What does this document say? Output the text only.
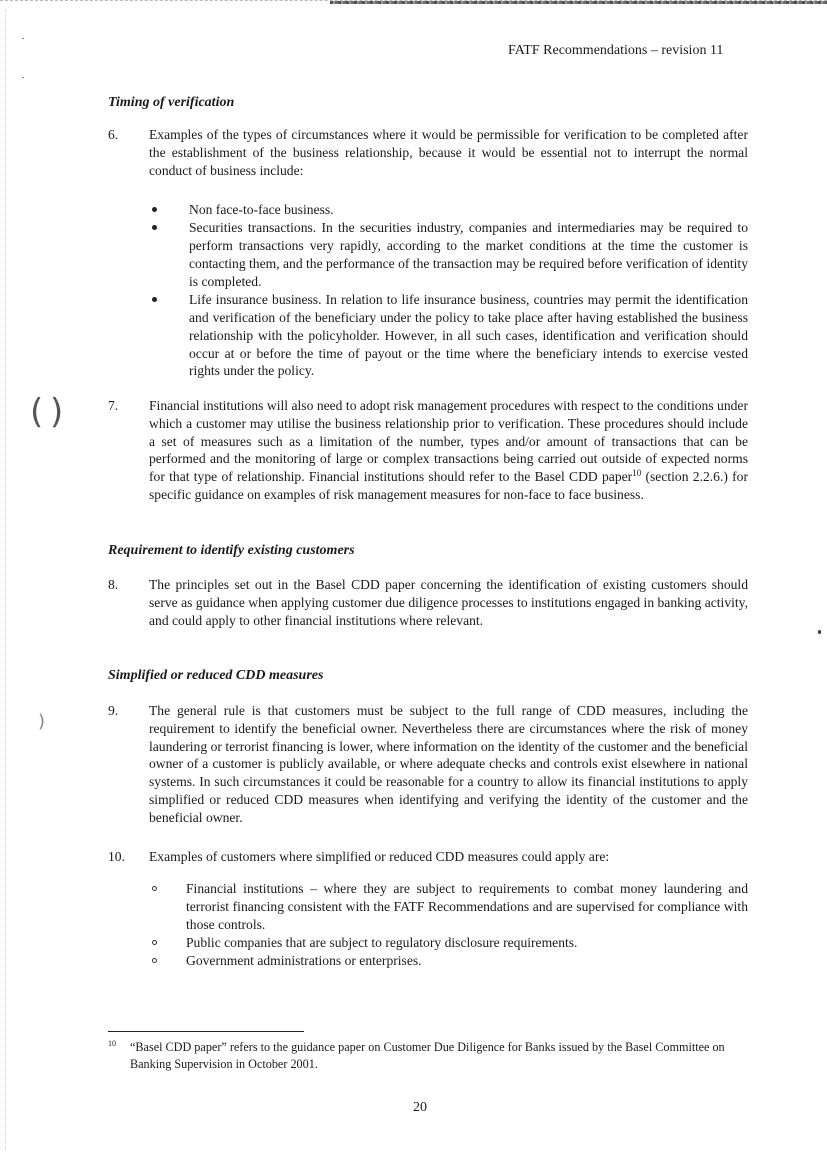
( )
)
FATF Recommendations – revision 11
Timing of verification
6. Examples of the types of circumstances where it would be permissible for verification to be completed after the establishment of the business relationship, because it would be essential not to interrupt the normal conduct of business include:
Non face-to-face business.
Securities transactions. In the securities industry, companies and intermediaries may be required to perform transactions very rapidly, according to the market conditions at the time the customer is contacting them, and the performance of the transaction may be required before verification of identity is completed.
Life insurance business. In relation to life insurance business, countries may permit the identification and verification of the beneficiary under the policy to take place after having established the business relationship with the policyholder. However, in all such cases, identification and verification should occur at or before the time of payout or the time where the beneficiary intends to exercise vested rights under the policy.
7. Financial institutions will also need to adopt risk management procedures with respect to the conditions under which a customer may utilise the business relationship prior to verification. These procedures should include a set of measures such as a limitation of the number, types and/or amount of transactions that can be performed and the monitoring of large or complex transactions being carried out outside of expected norms for that type of relationship. Financial institutions should refer to the Basel CDD paper$^{10}$ (section 2.2.6.) for specific guidance on examples of risk management measures for non-face to face business.
Requirement to identify existing customers
8. The principles set out in the Basel CDD paper concerning the identification of existing customers should serve as guidance when applying customer due diligence processes to institutions engaged in banking activity, and could apply to other financial institutions where relevant.
Simplified or reduced CDD measures
9. The general rule is that customers must be subject to the full range of CDD measures, including the requirement to identify the beneficial owner. Nevertheless there are circumstances where the risk of money laundering or terrorist financing is lower, where information on the identity of the customer and the beneficial owner of a customer is publicly available, or where adequate checks and controls exist elsewhere in national systems. In such circumstances it could be reasonable for a country to allow its financial institutions to apply simplified or reduced CDD measures when identifying and verifying the identity of the customer and the beneficial owner.
10. Examples of customers where simplified or reduced CDD measures could apply are:
Financial institutions – where they are subject to requirements to combat money laundering and terrorist financing consistent with the FATF Recommendations and are supervised for compliance with those controls.
Public companies that are subject to regulatory disclosure requirements.
Government administrations or enterprises.
10 “Basel CDD paper” refers to the guidance paper on Customer Due Diligence for Banks issued by the Basel Committee on Banking Supervision in October 2001.
20
